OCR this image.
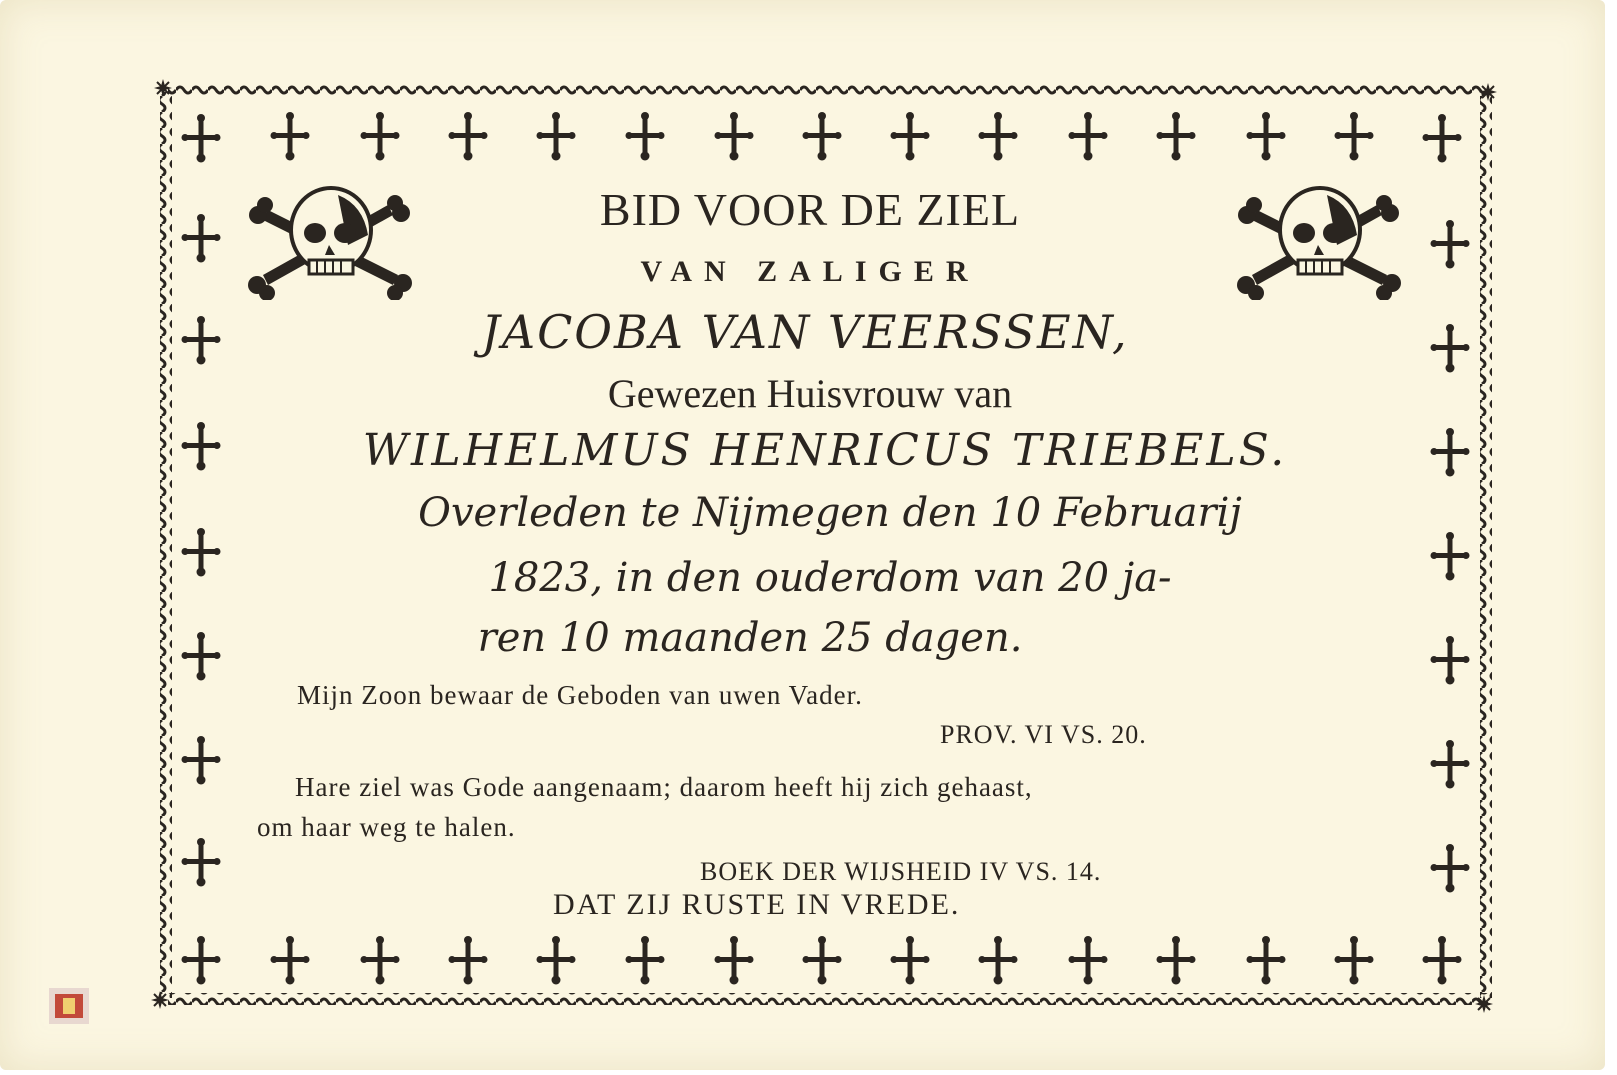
BID VOOR DE ZIEL
VAN ZALIGER
JACOBA VAN VEERSSEN,
Gewezen Huisvrouw van
WILHELMUS HENRICUS TRIEBELS.
Overleden te Nijmegen den 10 Februarij
1823, in den ouderdom van 20 ja-
ren 10 maanden 25 dagen.
Mijn Zoon bewaar de Geboden van uwen Vader.
PROV. VI VS. 20.
Hare ziel was Gode aangenaam; daarom heeft hij zich gehaast,
om haar weg te halen.
BOEK DER WIJSHEID IV VS. 14.
DAT ZIJ RUSTE IN VREDE.
